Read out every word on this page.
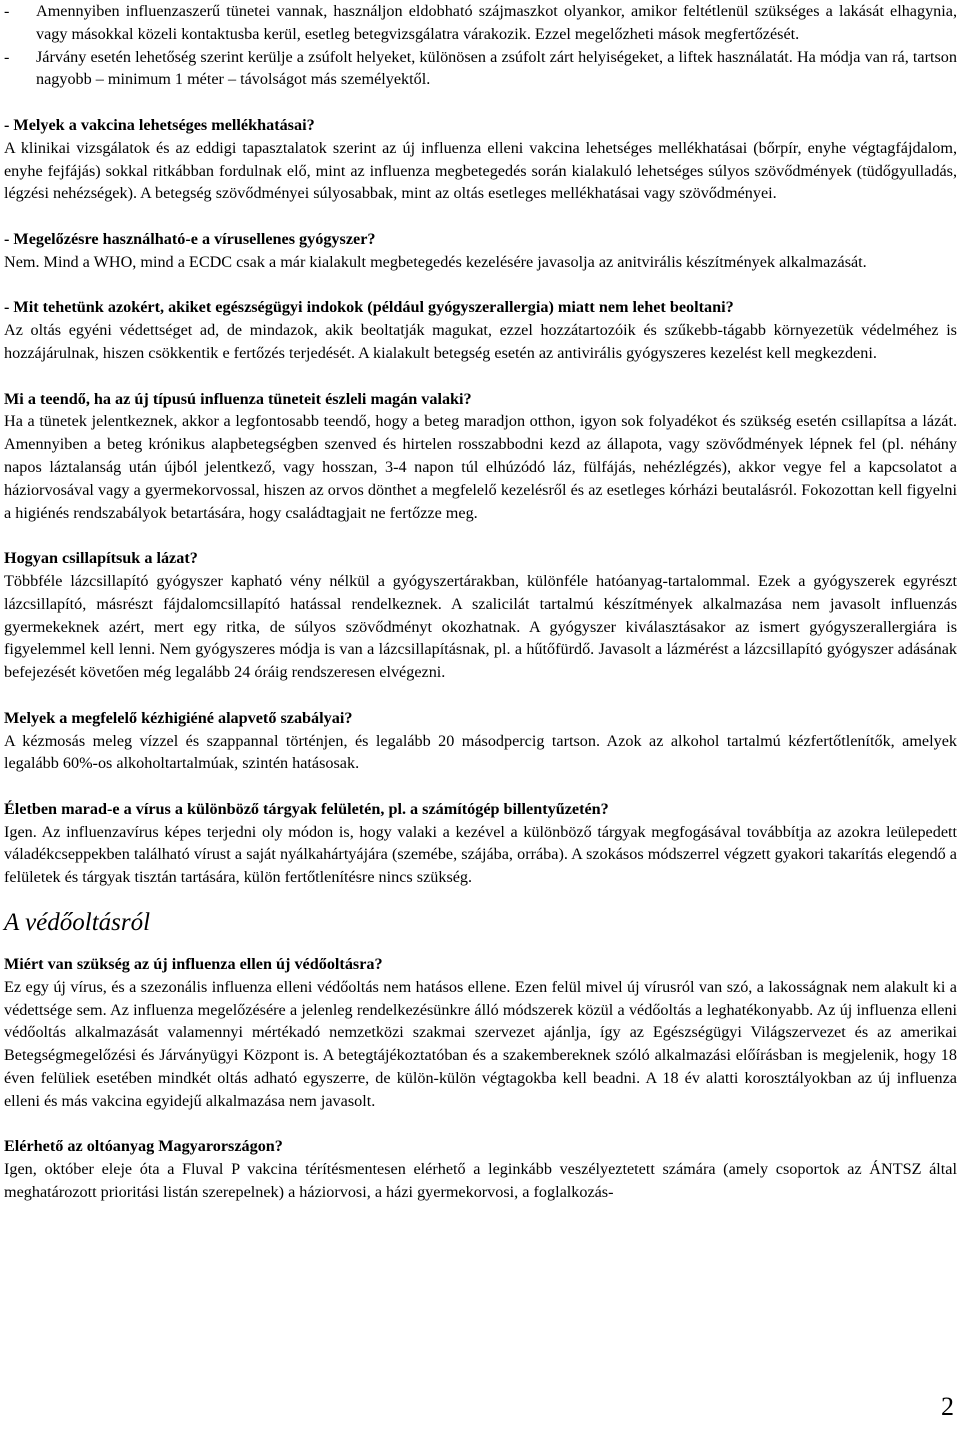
-	Amennyiben influenzaszerű tünetei vannak, használjon eldobható szájmaszkot olyankor, amikor feltétlenül szükséges a lakását elhagynia, vagy másokkal közeli kontaktusba kerül, esetleg betegvizsgálatra várakozik. Ezzel megelőzheti mások megfertőzését.
-	Járvány esetén lehetőség szerint kerülje a zsúfolt helyeket, különösen a zsúfolt zárt helyiségeket, a liftek használatát. Ha módja van rá, tartson nagyobb – minimum 1 méter – távolságot más személyektől.

- Melyek a vakcina lehetséges mellékhatásai?

A klinikai vizsgálatok és az eddigi tapasztalatok szerint az új influenza elleni vakcina lehetséges mellékhatásai (bőrpír, enyhe végtagfájdalom, enyhe fejfájás) sokkal ritkábban fordulnak elő, mint az influenza megbetegedés során kialakuló lehetséges súlyos szövődmények (tüdőgyulladás, légzési nehézségek). A betegség szövődményei súlyosabbak, mint az oltás esetleges mellékhatásai vagy szövődményei.

- Megelőzésre használható-e a vírusellenes gyógyszer?

Nem. Mind a WHO, mind a ECDC csak a már kialakult megbetegedés kezelésére javasolja az anitvirális készítmények alkalmazását.

- Mit tehetünk azokért, akiket egészségügyi indokok (például gyógyszerallergia) miatt nem lehet beoltani?

Az oltás egyéni védettséget ad, de mindazok, akik beoltatják magukat, ezzel hozzátartozóik és szűkebb-tágabb környezetük védelméhez is hozzájárulnak, hiszen csökkentik e fertőzés terjedését. A kialakult betegség esetén az antivirális gyógyszeres kezelést kell megkezdeni.

Mi a teendő, ha az új típusú influenza tüneteit észleli magán valaki?

Ha a tünetek jelentkeznek, akkor a legfontosabb teendő, hogy a beteg maradjon otthon, igyon sok folyadékot és szükség esetén csillapítsa a lázát. Amennyiben a beteg krónikus alapbetegségben szenved és hirtelen rosszabbodni kezd az állapota, vagy szövődmények lépnek fel (pl. néhány napos láztalanság után újból jelentkező, vagy hosszan, 3-4 napon túl elhúzódó láz, fülfájás, nehézlégzés), akkor vegye fel a kapcsolatot a háziorvosával vagy a gyermekorvossal, hiszen az orvos dönthet a megfelelő kezelésről és az esetleges kórházi beutalásról. Fokozottan kell figyelni a higiénés rendszabályok betartására, hogy családtagjait ne fertőzze meg.

Hogyan csillapítsuk a lázat?

Többféle lázcsillapító gyógyszer kapható vény nélkül a gyógyszertárakban, különféle hatóanyag-tartalommal. Ezek a gyógyszerek egyrészt lázcsillapító, másrészt fájdalomcsillapító hatással rendelkeznek. A szalicilát tartalmú készítmények alkalmazása nem javasolt influenzás gyermekeknek azért, mert egy ritka, de súlyos szövődményt okozhatnak. A gyógyszer kiválasztásakor az ismert gyógyszerallergiára is figyelemmel kell lenni. Nem gyógyszeres módja is van a lázcsillapításnak, pl. a hűtőfürdő. Javasolt a lázmérést a lázcsillapító gyógyszer adásának befejezését követően még legalább 24 óráig rendszeresen elvégezni.

Melyek a megfelelő kézhigiéné alapvető szabályai?

A kézmosás meleg vízzel és szappannal történjen, és legalább 20 másodpercig tartson. Azok az alkohol tartalmú kézfertőtlenítők, amelyek legalább 60%-os alkoholtartalmúak, szintén hatásosak.

Életben marad-e a vírus a különböző tárgyak felületén, pl. a számítógép billentyűzetén?

Igen. Az influenzavírus képes terjedni oly módon is, hogy valaki a kezével a különböző tárgyak megfogásával továbbítja az azokra leülepedett váladékcseppekben található vírust a saját nyálkahártyájára (szemébe, szájába, orrába). A szokásos módszerrel végzett gyakori takarítás elegendő a felületek és tárgyak tisztán tartására, külön fertőtlenítésre nincs szükség.

A védőoltásról

Miért van szükség az új influenza ellen új védőoltásra?

Ez egy új vírus, és a szezonális influenza elleni védőoltás nem hatásos ellene. Ezen felül mivel új vírusról van szó, a lakosságnak nem alakult ki a védettsége sem. Az influenza megelőzésére a jelenleg rendelkezésünkre álló módszerek közül a védőoltás a leghatékonyabb. Az új influenza elleni védőoltás alkalmazását valamennyi mértékadó nemzetközi szakmai szervezet ajánlja, így az Egészségügyi Világszervezet és az amerikai Betegségmegelőzési és Járványügyi Központ is. A betegtájékoztatóban és a szakembereknek szóló alkalmazási előírásban is megjelenik, hogy 18 éven felüliek esetében mindkét oltás adható egyszerre, de külön-külön végtagokba kell beadni. A 18 év alatti korosztályokban az új influenza elleni és más vakcina egyidejű alkalmazása nem javasolt.

Elérhető az oltóanyag Magyarországon?

Igen, október eleje óta a Fluval P vakcina térítésmentesen elérhető a leginkább veszélyeztetett számára (amely csoportok az ÁNTSZ által meghatározott prioritási listán szerepelnek) a háziorvosi, a házi gyermekorvosi, a foglalkozás-

2
